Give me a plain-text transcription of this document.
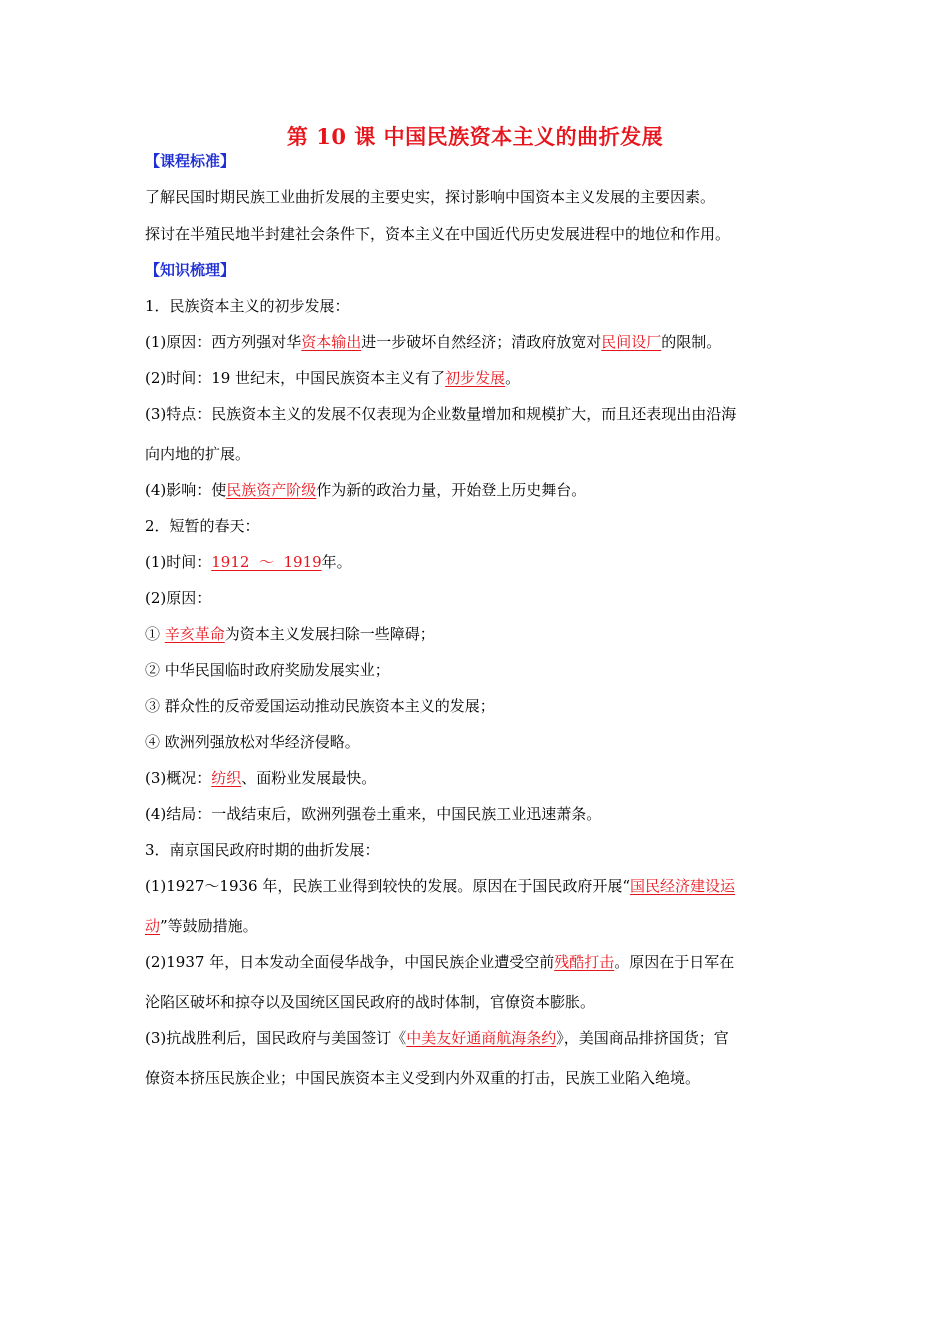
第 10 课 中国民族资本主义的曲折发展
【课程标准】
了解民国时期民族工业曲折发展的主要史实，探讨影响中国资本主义发展的主要因素。
探讨在半殖民地半封建社会条件下，资本主义在中国近代历史发展进程中的地位和作用。
【知识梳理】
1．民族资本主义的初步发展：
(1)原因：西方列强对华资本输出进一步破坏自然经济；清政府放宽对民间设厂的限制。
(2)时间：19 世纪末，中国民族资本主义有了初步发展。
(3)特点：民族资本主义的发展不仅表现为企业数量增加和规模扩大，而且还表现出由沿海
向内地的扩展。
(4)影响：使民族资产阶级作为新的政治力量，开始登上历史舞台。
2．短暂的春天：
(1)时间：1912  ～  1919年。
(2)原因：
① 辛亥革命为资本主义发展扫除一些障碍；
② 中华民国临时政府奖励发展实业；
③ 群众性的反帝爱国运动推动民族资本主义的发展；
④ 欧洲列强放松对华经济侵略。
(3)概况：纺织、面粉业发展最快。
(4)结局：一战结束后，欧洲列强卷土重来，中国民族工业迅速萧条。
3．南京国民政府时期的曲折发展：
(1)1927～1936 年，民族工业得到较快的发展。原因在于国民政府开展“国民经济建设运
动”等鼓励措施。
(2)1937 年，日本发动全面侵华战争，中国民族企业遭受空前残酷打击。原因在于日军在
沦陷区破坏和掠夺以及国统区国民政府的战时体制，官僚资本膨胀。
(3)抗战胜利后，国民政府与美国签订《中美友好通商航海条约》，美国商品排挤国货；官
僚资本挤压民族企业；中国民族资本主义受到内外双重的打击，民族工业陷入绝境。
